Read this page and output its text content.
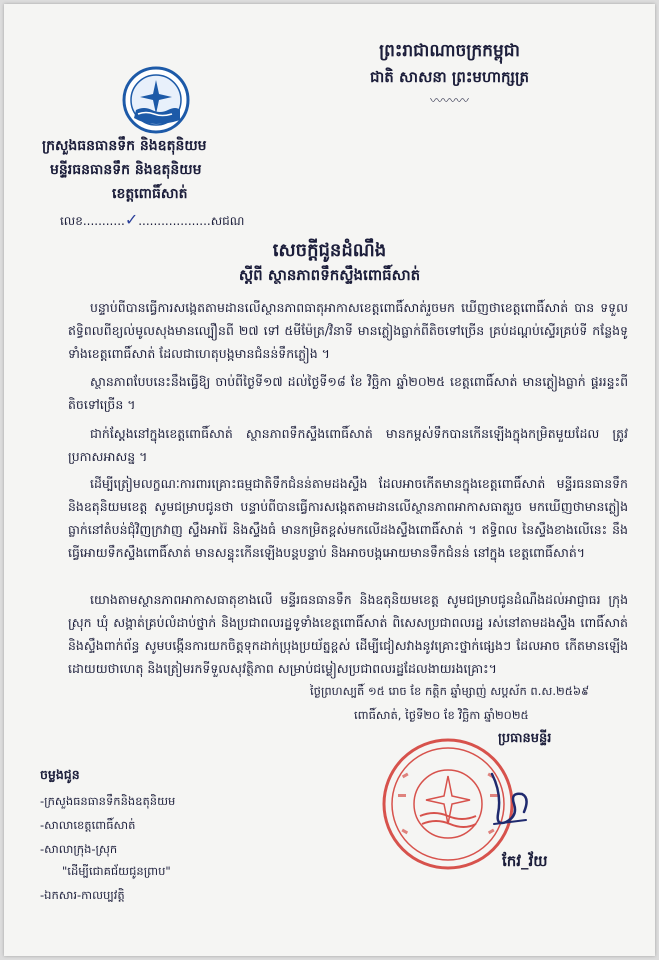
ព្រះរាជាណាចក្រកម្ពុជា
ជាតិ សាសនា ព្រះមហាក្សត្រ
〰〰〰
ក្រសួងធនធានទឹក និងឧតុនិយម
មន្ទីរធនធានទឹក និងឧតុនិយម
ខេត្តពោធិ៍សាត់
លេខ...........✓...................សជណ
សេចក្តីជូនដំណឹង
ស្តីពី ស្ថានភាពទឹកស្ទឹងពោធិ៍សាត់
បន្ទាប់ពីបានធ្វើការសង្កេតតាមដានលើស្ថានភាពធាតុអាកាសខេត្តពោធិ៍សាត់រួចមក ឃើញថាខេត្តពោធិ៍សាត់ បាន ទទួលឥទ្ធិពលពីខ្យល់មូលសុងមានល្បឿនពី ២៧ ទៅ ៥មីម៉ែត្រ/វិនាទី មានភ្លៀងធ្លាក់ពីតិចទៅច្រើន គ្រប់ដណ្តប់ស្ទើរគ្រប់ទី កន្លែងទូទាំងខេត្តពោធិ៍សាត់ ដែលជាហេតុបង្កមានជំនន់ទឹកភ្លៀង ។
ស្ថានភាពបែបនេះនឹងធ្វើឱ្យ ចាប់ពីថ្ងៃទី១៧ ដល់ថ្ងៃទី១៨ ខែ វិច្ឆិកា ឆ្នាំ២០២៥ ខេត្តពោធិ៍សាត់ មានភ្លៀងធ្លាក់ ផ្គររន្ទះពីតិចទៅច្រើន ។
ជាក់ស្តែងនៅក្នុងខេត្តពោធិ៍សាត់ ស្ថានភាពទឹកស្ទឹងពោធិ៍សាត់ មានកម្ពស់ទឹកបានកើនឡើងក្នុងកម្រិតមួយដែល ត្រូវប្រកាសអាសន្ន ។
ដើម្បីត្រៀមលក្ខណៈការពារគ្រោះធម្មជាតិទឹកជំនន់តាមដងស្ទឹង ដែលអាចកើតមានក្នុងខេត្តពោធិ៍សាត់ មន្ទីរធនធានទឹក និងឧតុនិយមខេត្ត សូមជម្រាបជូនថា បន្ទាប់ពីបានធ្វើការសង្កេតតាមដានលើស្ថានភាពអាកាសធាតុរួច មកឃើញថាមានភ្លៀងធ្លាក់នៅតំបន់ជុំវិញក្រវាញ ស្ទឹងអារ៉ៃ និងស្ទឹងធំ មានកម្រិតខ្ពស់មកលើដងស្ទឹងពោធិ៍សាត់ ។ ឥទ្ធិពល នៃស្ទឹងខាងលើនេះ នឹងធ្វើអោយទឹកស្ទឹងពោធិ៍សាត់ មានសន្ទុះកើនឡើងបន្តបន្ទាប់ និងអាចបង្កអោយមានទឹកជំនន់ នៅក្នុង ខេត្តពោធិ៍សាត់។
យោងតាមស្ថានភាពអាកាសធាតុខាងលើ មន្ទីរធនធានទឹក និងឧតុនិយមខេត្ត សូមជម្រាបជូនដំណឹងដល់អាជ្ញាធរ ក្រុង ស្រុក ឃុំ សង្កាត់គ្រប់លំដាប់ថ្នាក់ និងប្រជាពលរដ្ឋទូទាំងខេត្តពោធិ៍សាត់ ពិសេសប្រជាពលរដ្ឋ រស់នៅតាមដងស្ទឹង ពោធិ៍សាត់ និងស្ទឹងពាក់ព័ន្ធ សូមបង្កើនការយកចិត្តទុកដាក់ប្រុងប្រយ័ត្នខ្ពស់ ដើម្បីជៀសវាងនូវគ្រោះថ្នាក់ផ្សេងៗ ដែលអាច កើតមានឡើងដោយយថាហេតុ និងត្រៀមរកទីទួលសុវត្ថិភាព សម្រាប់ជម្លៀសប្រជាពលរដ្ឋដែលងាយរងគ្រោះ។
ថ្ងៃព្រហស្បតិ៍ ១៥ រោច ខែ កត្តិក ឆ្នាំម្សាញ់ សប្តស័ក ព.ស.២៥៦៩
ពោធិ៍សាត់, ថ្ងៃទី២០ ខែ វិច្ឆិកា ឆ្នាំ២០២៥
ប្រធានមន្ទីរ
កែវ_វ័យ
ចម្លងជូន
-ក្រសួងធនធានទឹកនិងឧតុនិយម
-សាលាខេត្តពោធិ៍សាត់
-សាលាក្រុង-ស្រុក
"ដើម្បីជោគជ័យជូនព្រាប"
-ឯកសារ-កាលប្បវត្តិ
